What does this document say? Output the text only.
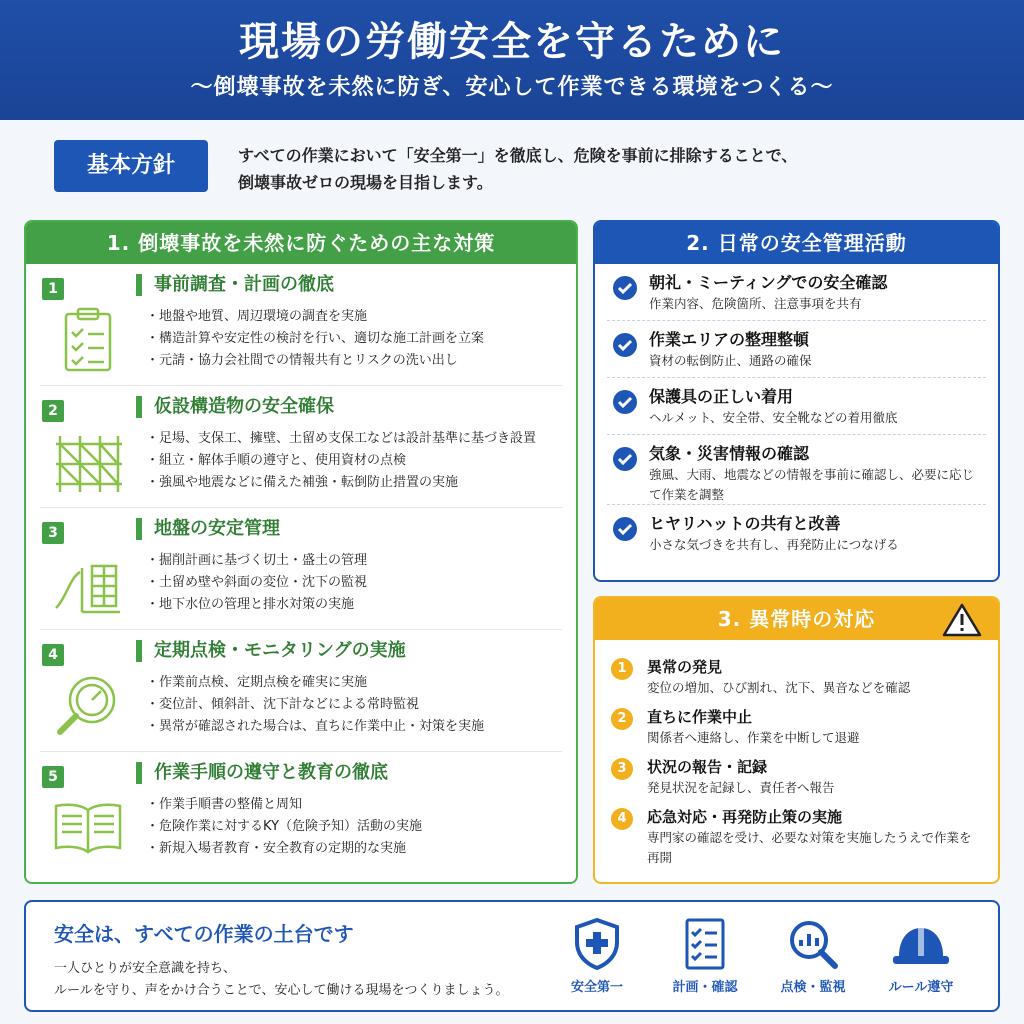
現場の労働安全を守るために
〜倒壊事故を未然に防ぎ、安心して作業できる環境をつくる〜
基本方針	すべての作業において「安全第一」を徹底し、危険を事前に排除することで、
倒壊事故ゼロの現場を目指します。
1. 倒壊事故を未然に防ぐための主な対策
1	事前調査・計画の徹底
・ 地盤や地質、周辺環境の調査を実施
・ 構造計算や安定性の検討を行い、適切な施工計画を立案
・ 元請・協力会社間での情報共有とリスクの洗い出し
2	仮設構造物の安全確保
・ 足場、支保工、擁壁、土留め支保工などは設計基準に基づき設置
・ 組立・解体手順の遵守と、使用資材の点検
・ 強風や地震などに備えた補強・転倒防止措置の実施
3	地盤の安定管理
・ 掘削計画に基づく切土・盛土の管理
・ 土留め壁や斜面の変位・沈下の監視
・ 地下水位の管理と排水対策の実施
4	定期点検・モニタリングの実施
・ 作業前点検、定期点検を確実に実施
・ 変位計、傾斜計、沈下計などによる常時監視
・ 異常が確認された場合は、直ちに作業中止・対策を実施
5	作業手順の遵守と教育の徹底
・ 作業手順書の整備と周知
・ 危険作業に対するKY（危険予知）活動の実施
・ 新規入場者教育・安全教育の定期的な実施
2. 日常の安全管理活動
朝礼・ミーティングでの安全確認
作業内容、危険箇所、注意事項を共有
作業エリアの整理整頓
資材の転倒防止、通路の確保
保護具の正しい着用
ヘルメット、安全帯、安全靴などの着用徹底
気象・災害情報の確認
強風、大雨、地震などの情報を事前に確認し、必要に応じて作業を調整
ヒヤリハットの共有と改善
小さな気づきを共有し、再発防止につなげる
3. 異常時の対応
1	異常の発見
変位の増加、ひび割れ、沈下、異音などを確認
2	直ちに作業中止
関係者へ連絡し、作業を中断して退避
3	状況の報告・記録
発見状況を記録し、責任者へ報告
4	応急対応・再発防止策の実施
専門家の確認を受け、必要な対策を実施したうえで作業を再開
安全は、すべての作業の土台です
一人ひとりが安全意識を持ち、
ルールを守り、声をかけ合うことで、安心して働ける現場をつくりましょう。	安全第一	計画・確認	点検・監視	ルール遵守
